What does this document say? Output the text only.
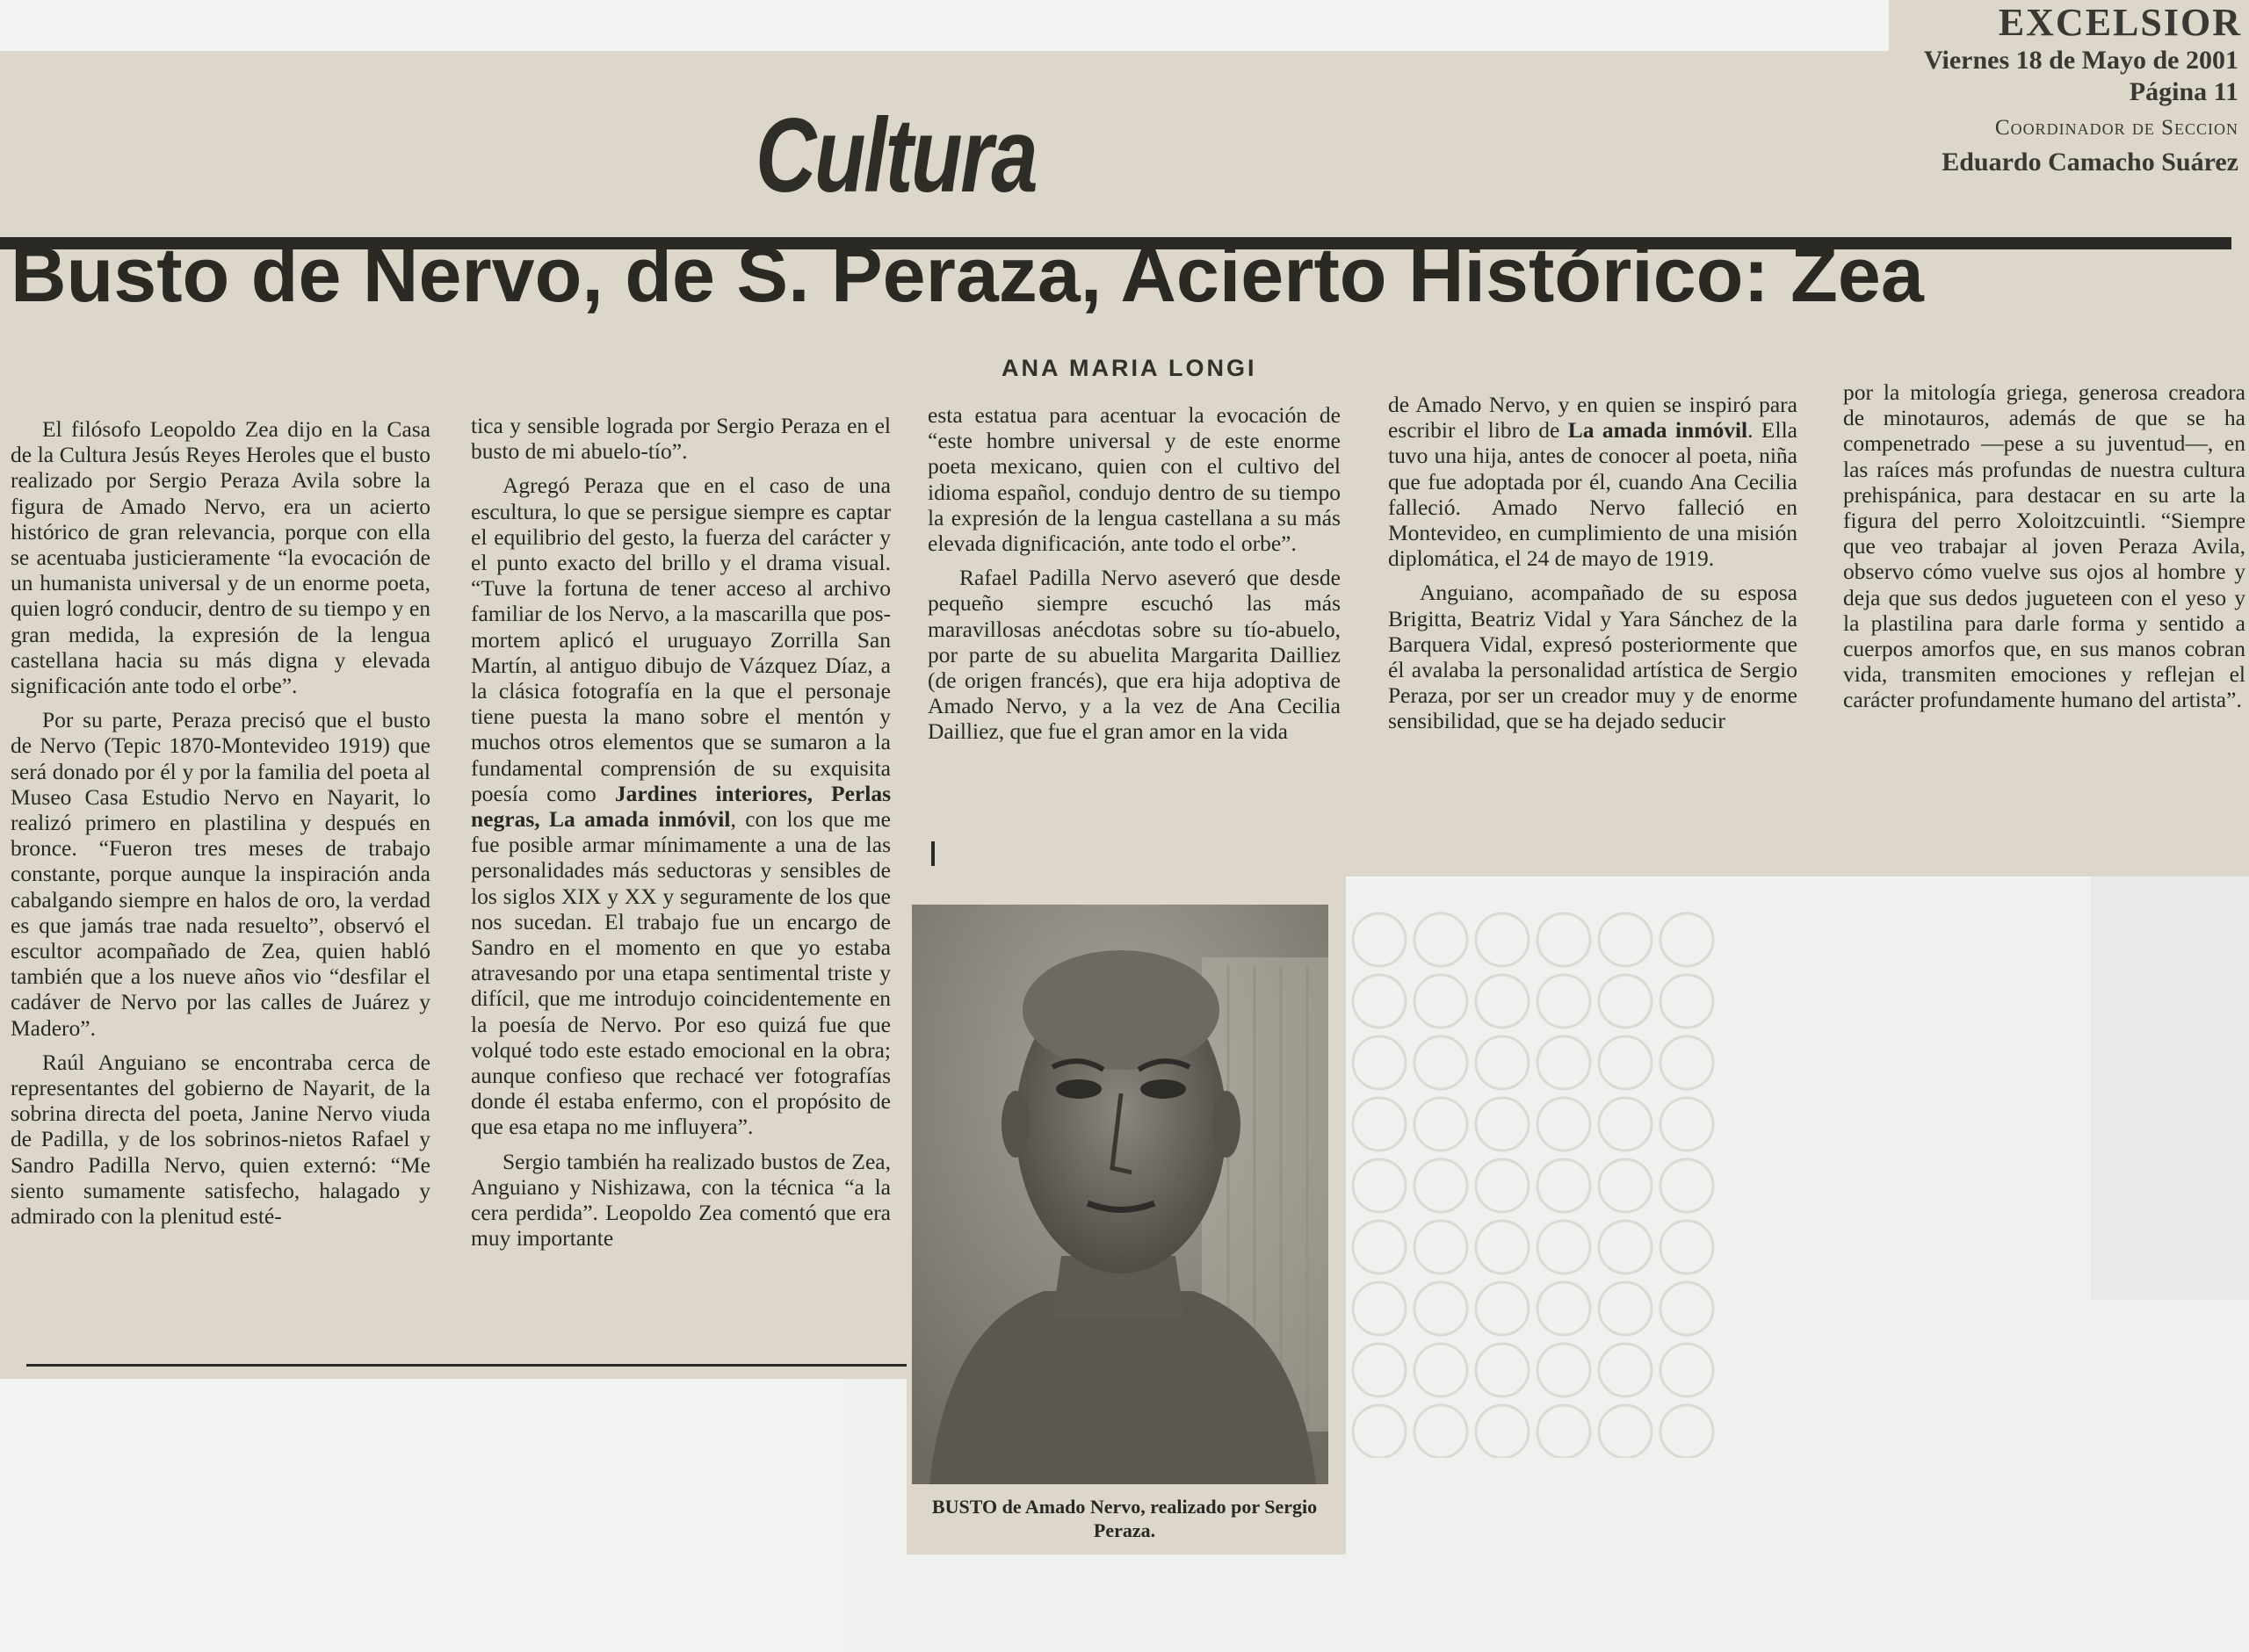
EXCELSIOR
Viernes 18 de Mayo de 2001
Página 11
Coordinador de Seccion
Eduardo Camacho Suárez
Cultura
Busto de Nervo, de S. Peraza, Acierto Histórico: Zea
ANA MARIA LONGI

El filósofo Leopoldo Zea dijo en la Casa de la Cultura Jesús Reyes Heroles que el busto realizado por Sergio Peraza Avila sobre la figura de Amado Nervo, era un acierto histórico de gran relevancia, porque con ella se acentuaba justicieramente “la evocación de un humanista universal y de un enorme poeta, quien logró conducir, dentro de su tiempo y en gran medida, la expresión de la lengua castellana hacia su más digna y elevada significación ante todo el orbe”.

Por su parte, Peraza precisó que el busto de Nervo (Tepic 1870-Montevideo 1919) que será donado por él y por la familia del poeta al Museo Casa Estudio Nervo en Nayarit, lo realizó primero en plastilina y después en bronce. “Fueron tres meses de trabajo constante, porque aunque la inspiración anda cabalgando siempre en halos de oro, la verdad es que jamás trae nada resuelto”, observó el escultor acompañado de Zea, quien habló también que a los nueve años vio “desfilar el cadáver de Nervo por las calles de Juárez y Madero”.

Raúl Anguiano se encontraba cerca de representantes del gobierno de Nayarit, de la sobrina directa del poeta, Janine Nervo viuda de Padilla, y de los sobrinos-nietos Rafael y Sandro Padilla Nervo, quien externó: “Me siento sumamente satisfecho, halagado y admirado con la plenitud esté-

tica y sensible lograda por Sergio Peraza en el busto de mi abuelo-tío”.

Agregó Peraza que en el caso de una escultura, lo que se persigue siempre es captar el equilibrio del gesto, la fuerza del carácter y el punto exacto del brillo y el drama visual. “Tuve la fortuna de tener acceso al archivo familiar de los Nervo, a la mascarilla que pos-mortem aplicó el uruguayo Zorrilla San Martín, al antiguo dibujo de Vázquez Díaz, a la clásica fotografía en la que el personaje tiene puesta la mano sobre el mentón y muchos otros elementos que se sumaron a la fundamental comprensión de su exquisita poesía como Jardines interiores, Perlas negras, La amada inmóvil, con los que me fue posible armar mínimamente a una de las personalidades más seductoras y sensibles de los siglos XIX y XX y seguramente de los que nos sucedan. El trabajo fue un encargo de Sandro en el momento en que yo estaba atravesando por una etapa sentimental triste y difícil, que me introdujo coincidentemente en la poesía de Nervo. Por eso quizá fue que volqué todo este estado emocional en la obra; aunque confieso que rechacé ver fotografías donde él estaba enfermo, con el propósito de que esa etapa no me influyera”.

Sergio también ha realizado bustos de Zea, Anguiano y Nishizawa, con la técnica “a la cera perdida”. Leopoldo Zea comentó que era muy importante

esta estatua para acentuar la evocación de “este hombre universal y de este enorme poeta mexicano, quien con el cultivo del idioma español, condujo dentro de su tiempo la expresión de la lengua castellana a su más elevada dignificación, ante todo el orbe”.

Rafael Padilla Nervo aseveró que desde pequeño siempre escuchó las más maravillosas anécdotas sobre su tío-abuelo, por parte de su abuelita Margarita Dailliez (de origen francés), que era hija adoptiva de Amado Nervo, y a la vez de Ana Cecilia Dailliez, que fue el gran amor en la vida

de Amado Nervo, y en quien se inspiró para escribir el libro de La amada inmóvil. Ella tuvo una hija, antes de conocer al poeta, niña que fue adoptada por él, cuando Ana Cecilia falleció. Amado Nervo falleció en Montevideo, en cumplimiento de una misión diplomática, el 24 de mayo de 1919.

Anguiano, acompañado de su esposa Brigitta, Beatriz Vidal y Yara Sánchez de la Barquera Vidal, expresó posteriormente que él avalaba la personalidad artística de Sergio Peraza, por ser un creador muy y de enorme sensibilidad, que se ha dejado seducir

por la mitología griega, generosa creadora de minotauros, además de que se ha compenetrado —pese a su juventud—, en las raíces más profundas de nuestra cultura prehispánica, para destacar en su arte la figura del perro Xoloitzcuintli. “Siempre que veo trabajar al joven Peraza Avila, observo cómo vuelve sus ojos al hombre y deja que sus dedos jugueteen con el yeso y la plastilina para darle forma y sentido a cuerpos amorfos que, en sus manos cobran vida, transmiten emociones y reflejan el carácter profundamente humano del artista”.

BUSTO de Amado Nervo, realizado por Sergio Peraza.
